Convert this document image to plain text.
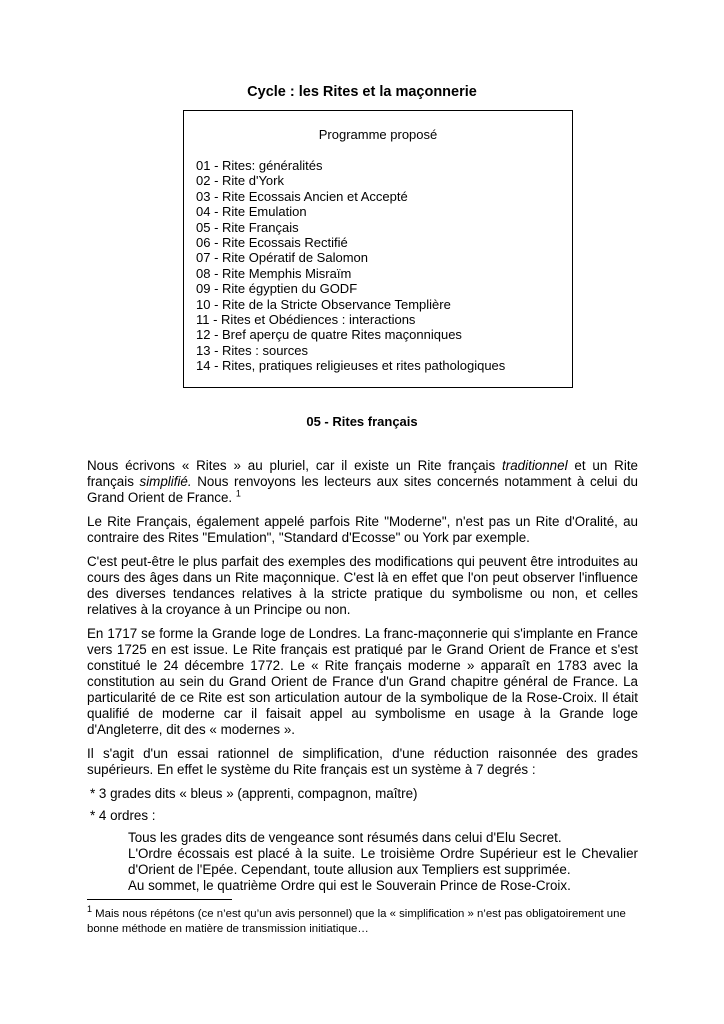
Cycle : les Rites et la maçonnerie
Programme proposé
01 - Rites: généralités
02 - Rite d'York
03 - Rite Ecossais Ancien et Accepté
04 - Rite Emulation
05 - Rite Français
06 - Rite Ecossais Rectifié
07 - Rite Opératif de Salomon
08 - Rite Memphis Misraïm
09 - Rite égyptien du GODF
10 - Rite de la Stricte Observance Templière
11 - Rites et Obédiences : interactions
12 - Bref aperçu de quatre Rites maçonniques
13 - Rites : sources
14 - Rites, pratiques religieuses et rites pathologiques
05 - Rites français

Nous écrivons « Rites » au pluriel, car il existe un Rite français traditionnel et un Rite français simplifié. Nous renvoyons les lecteurs aux sites concernés notamment à celui du Grand Orient de France. $^1$

Le Rite Français, également appelé parfois Rite "Moderne", n'est pas un Rite d'Oralité, au contraire des Rites "Emulation", "Standard d'Ecosse" ou York par exemple.

C'est peut-être le plus parfait des exemples des modifications qui peuvent être introduites au cours des âges dans un Rite maçonnique. C'est là en effet que l'on peut observer l'influence des diverses tendances relatives à la stricte pratique du symbolisme ou non, et celles relatives à la croyance à un Principe ou non.

En 1717 se forme la Grande loge de Londres. La franc-maçonnerie qui s'implante en France vers 1725 en est issue. Le Rite français est pratiqué par le Grand Orient de France et s'est constitué le 24 décembre 1772. Le « Rite français moderne » apparaît en 1783 avec la constitution au sein du Grand Orient de France d'un Grand chapitre général de France. La particularité de ce Rite est son articulation autour de la symbolique de la Rose-Croix. Il était qualifié de moderne car il faisait appel au symbolisme en usage à la Grande loge d'Angleterre, dit des « modernes ».

Il s'agit d'un essai rationnel de simplification, d'une réduction raisonnée des grades supérieurs. En effet le système du Rite français est un système à 7 degrés :

* 3 grades dits « bleus » (apprenti, compagnon, maître)

* 4 ordres :

Tous les grades dits de vengeance sont résumés dans celui d'Elu Secret.
L'Ordre écossais est placé à la suite. Le troisième Ordre Supérieur est le Chevalier d'Orient de l'Epée. Cependant, toute allusion aux Templiers est supprimée.
Au sommet, le quatrième Ordre qui est le Souverain Prince de Rose-Croix.
$^1$ Mais nous répétons (ce n’est qu’un avis personnel) que la « simplification » n’est pas obligatoirement une bonne méthode en matière de transmission initiatique…
